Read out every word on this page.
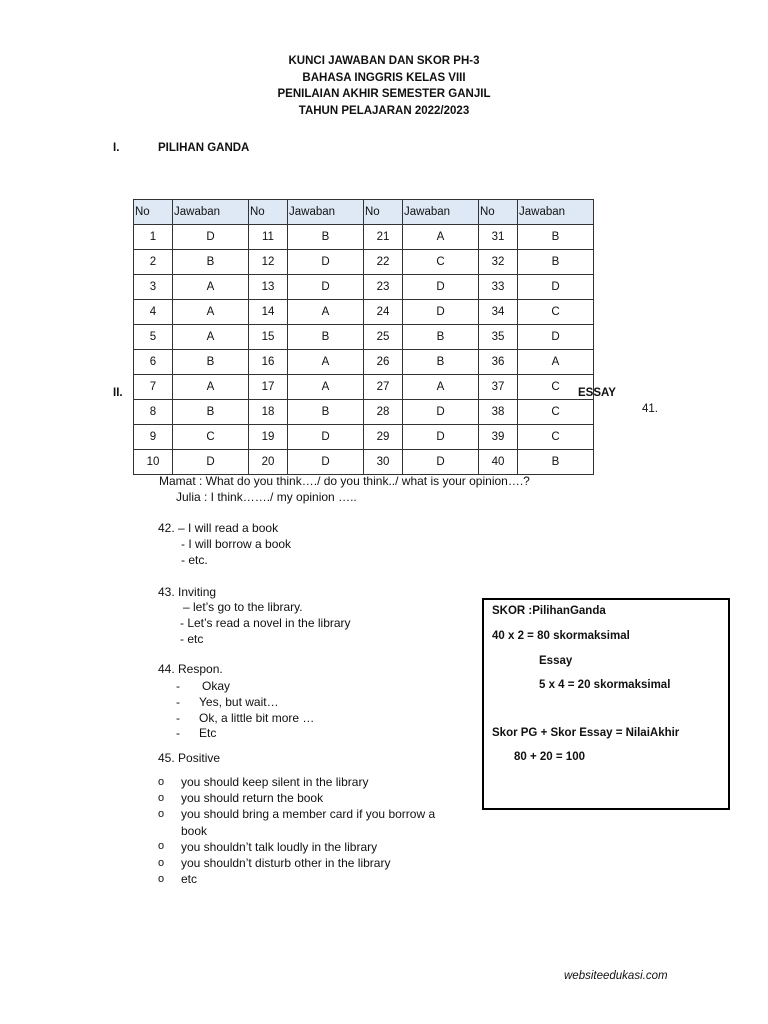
KUNCI JAWABAN DAN SKOR PH-3
BAHASA INGGRIS KELAS VIII
PENILAIAN AKHIR SEMESTER GANJIL
TAHUN PELAJARAN 2022/2023
I.	PILIHAN GANDA
No	Jawaban	No	Jawaban	No	Jawaban	No	Jawaban
1	D	11	B	21	A	31	B
2	B	12	D	22	C	32	B
3	A	13	D	23	D	33	D
4	A	14	A	24	D	34	C
5	A	15	B	25	B	35	D
6	B	16	A	26	B	36	A
7	A	17	A	27	A	37	C
8	B	18	B	28	D	38	C
9	C	19	D	29	D	39	C
10	D	20	D	30	D	40	B
II.	ESSAY
41.
Mamat : What do you think…./ do you think../ what is your opinion….?
Julia : I think……./ my opinion …..
42. – I will read a book
- I will borrow a book
- etc.
43. Inviting
– let’s go to the library.
- Let’s read a novel in the library
- etc
44. Respon.
- Okay
- Yes, but wait…
- Ok, a little bit more …
- Etc
45. Positive
o you should keep silent in the library
o you should return the book
o you should bring a member card if you borrow a
book
o you shouldn’t talk loudly in the library
o you shouldn’t disturb other in the library
o etc
SKOR :PilihanGanda
40 x 2 = 80 skormaksimal
Essay
5 x 4 = 20 skormaksimal
Skor PG + Skor Essay = NilaiAkhir
80 + 20 = 100
websiteedukasi.com
